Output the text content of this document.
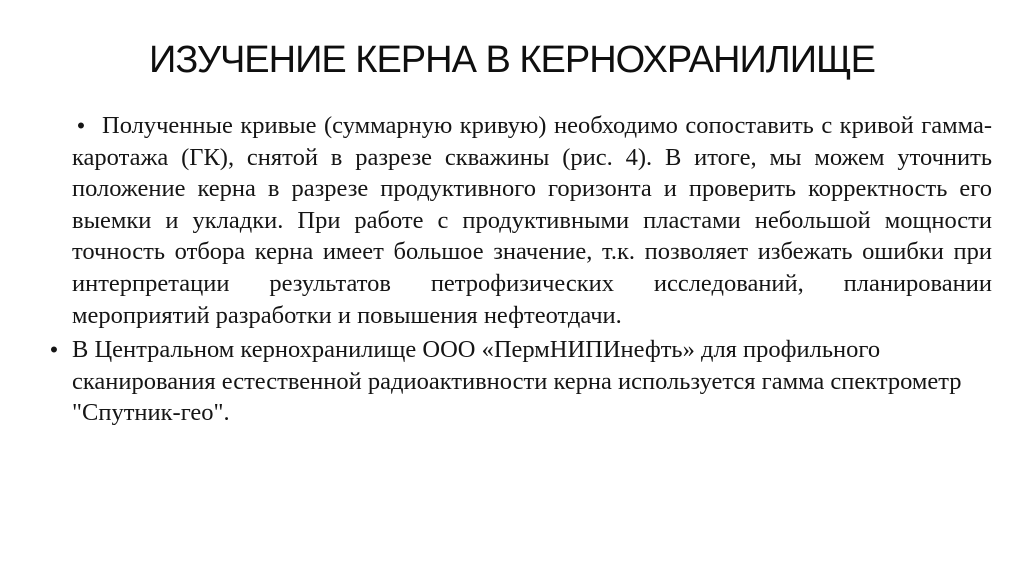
ИЗУЧЕНИЕ КЕРНА В КЕРНОХРАНИЛИЩЕ

• Полученные кривые (суммарную кривую) необходимо сопоставить с кривой гамма-каротажа (ГК), снятой в разрезе скважины (рис. 4). В итоге, мы можем уточнить положение керна в разрезе продуктивного горизонта и проверить корректность его выемки и укладки. При работе с продуктивными пластами небольшой мощности точность отбора керна имеет большое значение, т.к. позволяет избежать ошибки при интерпретации результатов петрофизических исследований, планировании мероприятий разработки и повышения нефтеотдачи.

• В Центральном кернохранилище ООО «ПермНИПИнефть» для профильного сканирования естественной радиоактивности керна используется гамма спектрометр "Спутник-гео".
